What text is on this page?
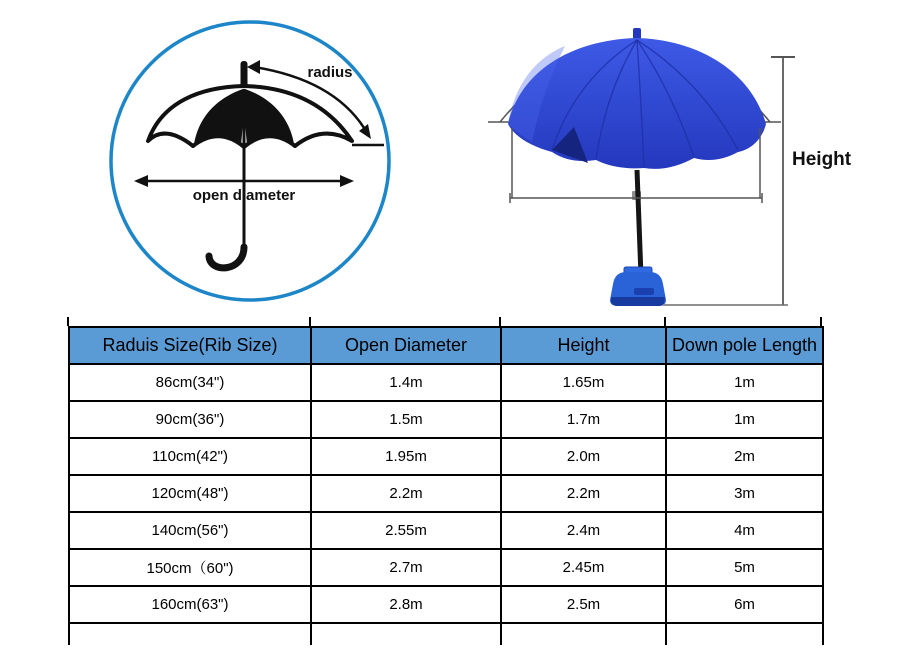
radius
open diameter
Height
Raduis Size(Rib Size)	Open Diameter	Height	Down pole Length
86cm(34")	1.4m	1.65m	1m
90cm(36")	1.5m	1.7m	1m
110cm(42")	1.95m	2.0m	2m
120cm(48")	2.2m	2.2m	3m
140cm(56")	2.55m	2.4m	4m
150cm（60")	2.7m	2.45m	5m
160cm(63")	2.8m	2.5m	6m
